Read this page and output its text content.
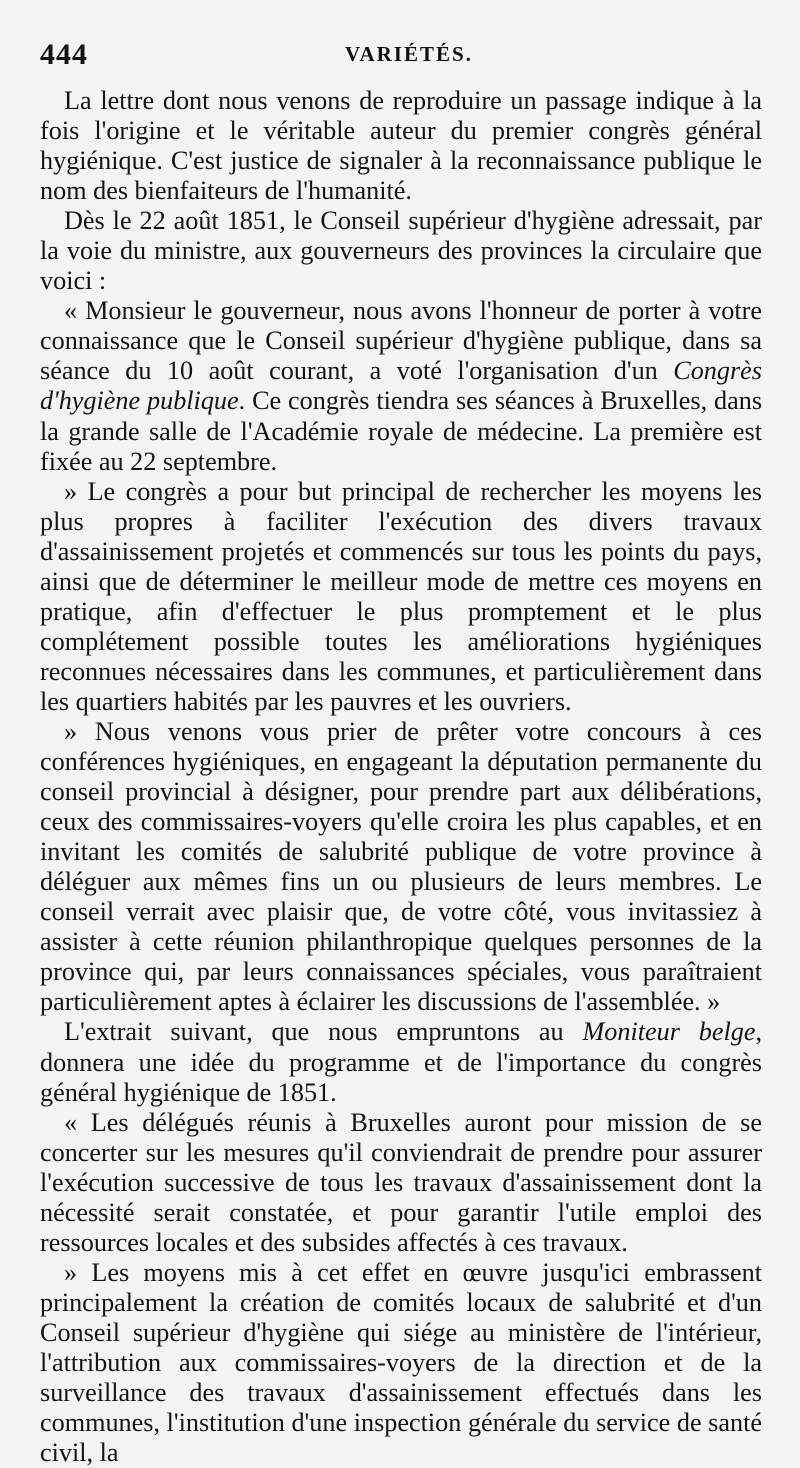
444	VARIÉTÉS.

La lettre dont nous venons de reproduire un passage indique à la fois l'origine et le véritable auteur du premier congrès général hygiénique. C'est justice de signaler à la reconnaissance publique le nom des bienfaiteurs de l'humanité.

Dès le 22 août 1851, le Conseil supérieur d'hygiène adressait, par la voie du ministre, aux gouverneurs des provinces la circulaire que voici :

« Monsieur le gouverneur, nous avons l'honneur de porter à votre connaissance que le Conseil supérieur d'hygiène publique, dans sa séance du 10 août courant, a voté l'organisation d'un Congrès d'hygiène publique. Ce congrès tiendra ses séances à Bruxelles, dans la grande salle de l'Académie royale de médecine. La première est fixée au 22 septembre.

» Le congrès a pour but principal de rechercher les moyens les plus propres à faciliter l'exécution des divers travaux d'assainissement projetés et commencés sur tous les points du pays, ainsi que de déterminer le meilleur mode de mettre ces moyens en pratique, afin d'effectuer le plus promptement et le plus complétement possible toutes les améliorations hygiéniques reconnues nécessaires dans les communes, et particulièrement dans les quartiers habités par les pauvres et les ouvriers.

» Nous venons vous prier de prêter votre concours à ces conférences hygiéniques, en engageant la députation permanente du conseil provincial à désigner, pour prendre part aux délibérations, ceux des commissaires-voyers qu'elle croira les plus capables, et en invitant les comités de salubrité publique de votre province à déléguer aux mêmes fins un ou plusieurs de leurs membres. Le conseil verrait avec plaisir que, de votre côté, vous invitassiez à assister à cette réunion philanthropique quelques personnes de la province qui, par leurs connaissances spéciales, vous paraîtraient particulièrement aptes à éclairer les discussions de l'assemblée. »

L'extrait suivant, que nous empruntons au Moniteur belge, donnera une idée du programme et de l'importance du congrès général hygiénique de 1851.

« Les délégués réunis à Bruxelles auront pour mission de se concerter sur les mesures qu'il conviendrait de prendre pour assurer l'exécution successive de tous les travaux d'assainissement dont la nécessité serait constatée, et pour garantir l'utile emploi des ressources locales et des subsides affectés à ces travaux.

» Les moyens mis à cet effet en œuvre jusqu'ici embrassent principalement la création de comités locaux de salubrité et d'un Conseil supérieur d'hygiène qui siége au ministère de l'intérieur, l'attribution aux commissaires-voyers de la direction et de la surveillance des travaux d'assainissement effectués dans les communes, l'institution d'une inspection générale du service de santé civil, la
